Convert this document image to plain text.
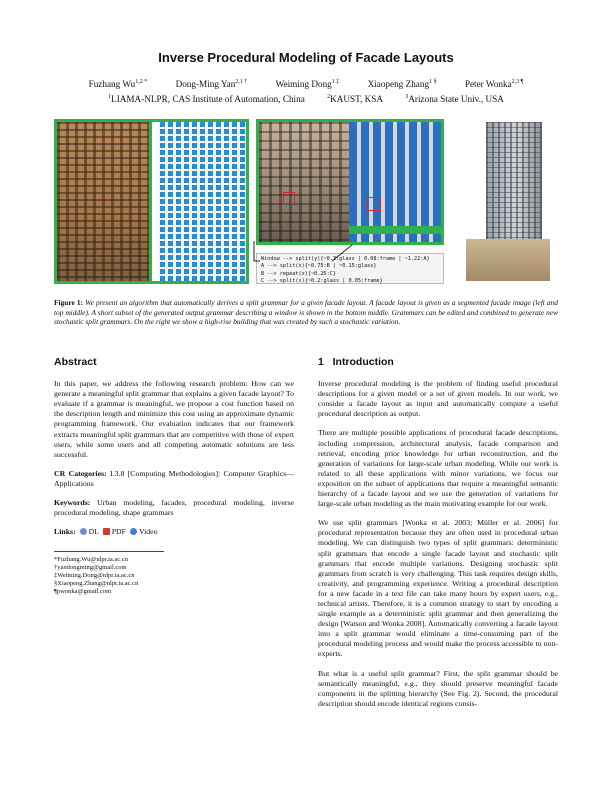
Inverse Procedural Modeling of Facade Layouts
Fuzhang $Wu^{1,2 *}$	Dong-Ming Yan$^{2,1 \dagger}$	Weiming Dong$^{1 \ddagger}$	Xiaopeng Zhang$^{1 \S}$	Peter Wonka$^{2,3 \P}$
$^1$LIAMA-NLPR, CAS Institute of Automation, China	$^2$KAUST, KSA	$^3$Arizona State Univ., USA
Window --> split(y){~0.3:glass | 0.08:frame | ~1.22:A}
A --> split(x){~0.75:B | ~0.15:glass}
B --> repeat(x){~0.25:C}
C --> split(x){~0.2:glass | 0.05:frame}
Figure 1: We present an algorithm that automatically derives a split grammar for a given facade layout. A facade layout is given as a segmented facade image (left and top middle). A short subset of the generated output grammar describing a window is shown in the bottom middle. Grammars can be edited and combined to generate new stochastic split grammars. On the right we show a high-rise building that was created by such a stochastic variation.
Abstract

In this paper, we address the following research problem: How can we generate a meaningful split grammar that explains a given facade layout? To evaluate if a grammar is meaningful, we propose a cost function based on the description length and minimize this cost using an approximate dynamic programming framework. Our evaluation indicates that our framework extracts meaningful split grammars that are competitive with those of expert users, while some users and all competing automatic solutions are less successful.

CR Categories: I.3.8 [Computing Methodologies]: Computer Graphics—Applications

Keywords: Urban modeling, facades, procedural modeling, inverse procedural modeling, shape grammars

Links: DL PDF Video

*Fuzhang.Wu@nlpr.ia.ac.cn
†yandongming@gmail.com
‡Weiming.Dong@nlpr.ia.ac.cn
§Xiaopeng.Zhang@nlpr.ia.ac.cn
¶pwonka@gmail.com
1 Introduction

Inverse procedural modeling is the problem of finding useful procedural descriptions for a given model or a set of given models. In our work, we consider a facade layout as input and automatically compute a useful procedural description as output.

There are multiple possible applications of procedural facade descriptions, including compression, architectural analysis, facade comparison and retrieval, encoding prior knowledge for urban reconstruction, and the generation of variations for large-scale urban modeling. While our work is related to all these applications with minor variations, we focus our exposition on the subset of applications that require a meaningful semantic hierarchy of a facade layout and we use the generation of variations for large-scale urban modeling as the main motivating example for our work.

We use split grammars [Wonka et al. 2003; Müller et al. 2006] for procedural representation because they are often used in procedural urban modeling. We can distinguish two types of split grammars: deterministic split grammars that encode a single facade layout and stochastic split grammars that encode multiple variations. Designing stochastic split grammars from scratch is very challenging. This task requires design skills, creativity, and programming experience. Writing a procedural description for a new facade in a text file can take many hours by expert users, e.g., technical artists. Therefore, it is a common strategy to start by encoding a single example as a deterministic split grammar and then generalizing the design [Watson and Wonka 2008]. Automatically converting a facade layout into a split grammar would eliminate a time-consuming part of the procedural modeling process and would make the process accessible to non-experts.

But what is a useful split grammar? First, the split grammar should be semantically meaningful, e.g., they should preserve meaningful facade components in the splitting hierarchy (See Fig. 2). Second, the procedural description should encode identical regions consis-
